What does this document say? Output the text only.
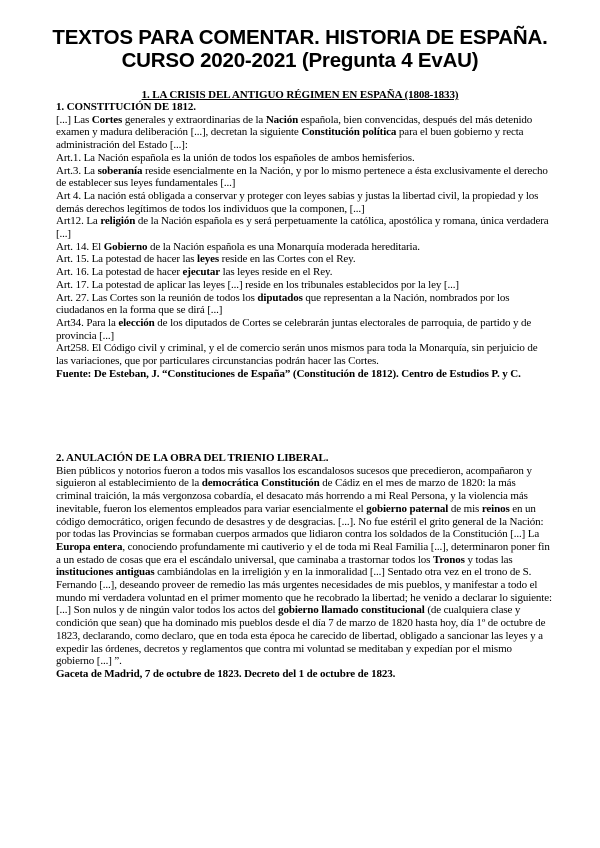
TEXTOS PARA COMENTAR. HISTORIA DE ESPAÑA. CURSO 2020-2021 (Pregunta 4 EvAU)
1. LA CRISIS DEL ANTIGUO RÉGIMEN EN ESPAÑA (1808-1833)

1. CONSTITUCIÓN DE 1812.

[...] Las Cortes generales y extraordinarias de la Nación española, bien convencidas, después del más detenido examen y madura deliberación [...], decretan la siguiente Constitución política para el buen gobierno y recta administración del Estado [...]:

Art.1. La Nación española es la unión de todos los españoles de ambos hemisferios.

Art.3. La soberanía reside esencialmente en la Nación, y por lo mismo pertenece a ésta exclusivamente el derecho de establecer sus leyes fundamentales [...]

Art 4. La nación está obligada a conservar y proteger con leyes sabias y justas la libertad civil, la propiedad y los demás derechos legítimos de todos los individuos que la componen, [...]

Art12. La religión de la Nación española es y será perpetuamente la católica, apostólica y romana, única verdadera [...]

Art. 14. El Gobierno de la Nación española es una Monarquía moderada hereditaria.

Art. 15. La potestad de hacer las leyes reside en las Cortes con el Rey.

Art. 16. La potestad de hacer ejecutar las leyes reside en el Rey.

Art. 17. La potestad de aplicar las leyes [...] reside en los tribunales establecidos por la ley [...]

Art. 27. Las Cortes son la reunión de todos los diputados que representan a la Nación, nombrados por los ciudadanos en la forma que se dirá [...]

Art34. Para la elección de los diputados de Cortes se celebrarán juntas electorales de parroquia, de partido y de provincia [...]

Art258. El Código civil y criminal, y el de comercio serán unos mismos para toda la Monarquía, sin perjuicio de las variaciones, que por particulares circunstancias podrán hacer las Cortes.

Fuente: De Esteban, J. “Constituciones de España” (Constitución de 1812). Centro de Estudios P. y C.

2. ANULACIÓN DE LA OBRA DEL TRIENIO LIBERAL.

Bien públicos y notorios fueron a todos mis vasallos los escandalosos sucesos que precedieron, acompañaron y siguieron al establecimiento de la democrática Constitución de Cádiz en el mes de marzo de 1820: la más criminal traición, la más vergonzosa cobardía, el desacato más horrendo a mi Real Persona, y la violencia más inevitable, fueron los elementos empleados para variar esencialmente el gobierno paternal de mis reinos en un código democrático, origen fecundo de desastres y de desgracias. [...]. No fue estéril el grito general de la Nación: por todas las Provincias se formaban cuerpos armados que lidiaron contra los soldados de la Constitución [...] La Europa entera, conociendo profundamente mi cautiverio y el de toda mi Real Familia [...], determinaron poner fin a un estado de cosas que era el escándalo universal, que caminaba a trastornar todos los Tronos y todas las instituciones antiguas cambiándolas en la irreligión y en la inmoralidad [...] Sentado otra vez en el trono de S. Fernando [...], deseando proveer de remedio las más urgentes necesidades de mis pueblos, y manifestar a todo el mundo mi verdadera voluntad en el primer momento que he recobrado la libertad; he venido a declarar lo siguiente: [...] Son nulos y de ningún valor todos los actos del gobierno llamado constitucional (de cualquiera clase y condición que sean) que ha dominado mis pueblos desde el día 7 de marzo de 1820 hasta hoy, día 1º de octubre de 1823, declarando, como declaro, que en toda esta época he carecido de libertad, obligado a sancionar las leyes y a expedir las órdenes, decretos y reglamentos que contra mi voluntad se meditaban y expedían por el mismo gobierno [...] ”.

Gaceta de Madrid, 7 de octubre de 1823. Decreto del 1 de octubre de 1823.
